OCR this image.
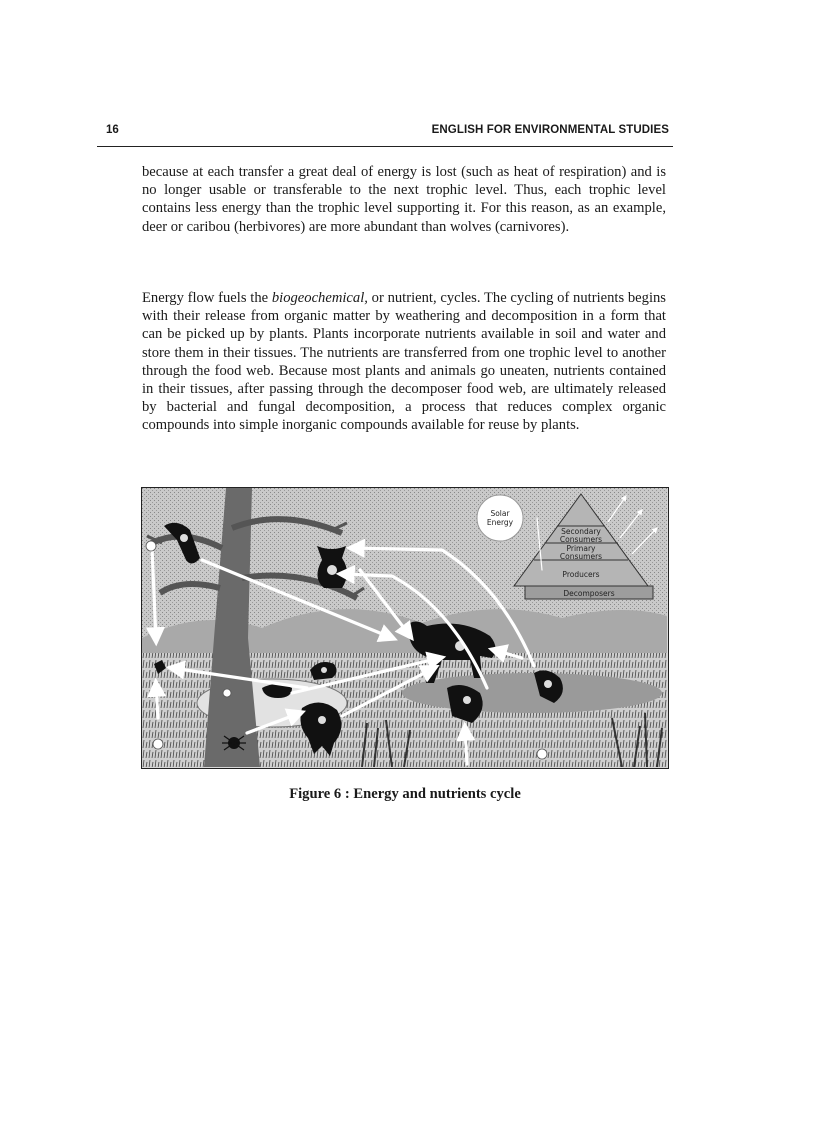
16	ENGLISH FOR ENVIRONMENTAL STUDIES

because at each transfer a great deal of energy is lost (such as heat of respiration) and is no longer usable or transferable to the next trophic level. Thus, each trophic level contains less energy than the trophic level supporting it. For this reason, as an example, deer or caribou (herbivores) are more abundant than wolves (carnivores).

Energy flow fuels the biogeochemical, or nutrient, cycles. The cycling of nutrients begins with their release from organic matter by weathering and decomposition in a form that can be picked up by plants. Plants incorporate nutrients available in soil and water and store them in their tissues. The nutrients are transferred from one trophic level to another through the food web. Because most plants and animals go uneaten, nutrients contained in their tissues, after passing through the decomposer food web, are ultimately released by bacterial and fungal decomposition, a process that reduces complex organic compounds into simple inorganic compounds available for reuse by plants.

Solar
Energy
Secondary
Consumers
Primary
Consumers
Producers
Decomposers
Figure 6 : Energy and nutrients cycle
